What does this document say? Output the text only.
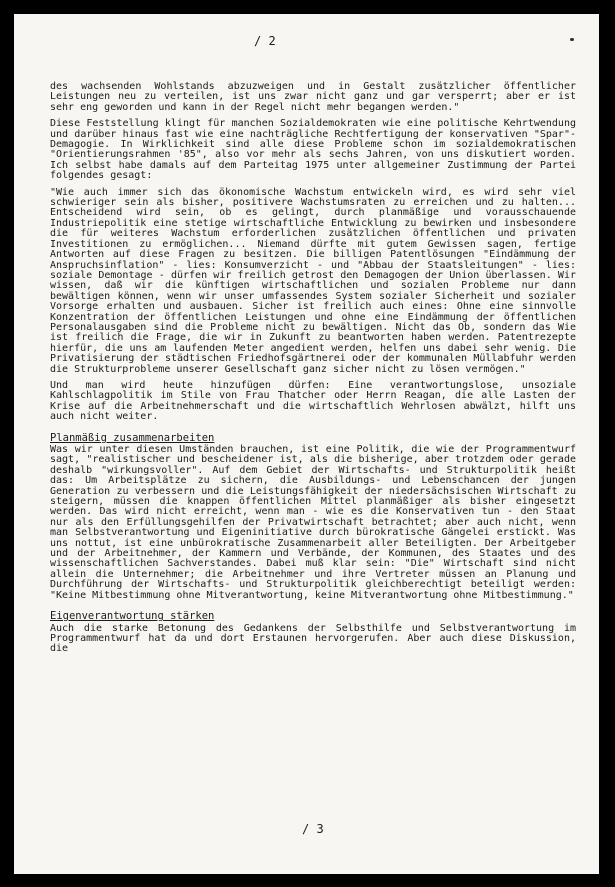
/ 2

des wachsenden Wohlstands abzuzweigen und in Gestalt zusätzlicher öffentlicher Leistungen neu zu verteilen, ist uns zwar nicht ganz und gar versperrt; aber er ist sehr eng geworden und kann in der Regel nicht mehr begangen werden."

Diese Feststellung klingt für manchen Sozialdemokraten wie eine politische Kehrtwendung und darüber hinaus fast wie eine nachträgliche Rechtfertigung der konservativen "Spar"-Demagogie. In Wirklichkeit sind alle diese Probleme schon im sozialdemokratischen "Orientierungsrahmen '85", also vor mehr als sechs Jahren, von uns diskutiert worden. Ich selbst habe damals auf dem Parteitag 1975 unter allgemeiner Zustimmung der Partei folgendes gesagt:

"Wie auch immer sich das ökonomische Wachstum entwickeln wird, es wird sehr viel schwieriger sein als bisher, positivere Wachstumsraten zu erreichen und zu halten... Entscheidend wird sein, ob es gelingt, durch planmäßige und vorausschauende Industriepolitik eine stetige wirtschaftliche Entwicklung zu bewirken und insbesondere die für weiteres Wachstum erforderlichen zusätzlichen öffentlichen und privaten Investitionen zu ermöglichen... Niemand dürfte mit gutem Gewissen sagen, fertige Antworten auf diese Fragen zu besitzen. Die billigen Patentlösungen "Eindämmung der Anspruchsinflation" - lies: Konsumverzicht - und "Abbau der Staatsleitungen" - lies: soziale Demontage - dürfen wir freilich getrost den Demagogen der Union überlassen. Wir wissen, daß wir die künftigen wirtschaftlichen und sozialen Probleme nur dann bewältigen können, wenn wir unser umfassendes System sozialer Sicherheit und sozialer Vorsorge erhalten und ausbauen. Sicher ist freilich auch eines: Ohne eine sinnvolle Konzentration der öffentlichen Leistungen und ohne eine Eindämmung der öffentlichen Personalausgaben sind die Probleme nicht zu bewältigen. Nicht das Ob, sondern das Wie ist freilich die Frage, die wir in Zukunft zu beantworten haben werden. Patentrezepte hierfür, die uns am laufenden Meter angedient werden, helfen uns dabei sehr wenig. Die Privatisierung der städtischen Friedhofsgärtnerei oder der kommunalen Müllabfuhr werden die Strukturprobleme unserer Gesellschaft ganz sicher nicht zu lösen vermögen."

Und man wird heute hinzufügen dürfen: Eine verantwortungslose, unsoziale Kahlschlagpolitik im Stile von Frau Thatcher oder Herrn Reagan, die alle Lasten der Krise auf die Arbeitnehmerschaft und die wirtschaftlich Wehrlosen abwälzt, hilft uns auch nicht weiter.

Planmäßig zusammenarbeiten

Was wir unter diesen Umständen brauchen, ist eine Politik, die wie der Programmentwurf sagt, "realistischer und bescheidener ist, als die bisherige, aber trotzdem oder gerade deshalb "wirkungsvoller". Auf dem Gebiet der Wirtschafts- und Strukturpolitik heißt das: Um Arbeitsplätze zu sichern, die Ausbildungs- und Lebenschancen der jungen Generation zu verbessern und die Leistungsfähigkeit der niedersächsischen Wirtschaft zu steigern, müssen die knappen öffentlichen Mittel planmäßiger als bisher eingesetzt werden. Das wird nicht erreicht, wenn man - wie es die Konservativen tun - den Staat nur als den Erfüllungsgehilfen der Privatwirtschaft betrachtet; aber auch nicht, wenn man Selbstverantwortung und Eigeninitiative durch bürokratische Gängelei erstickt. Was uns nottut, ist eine unbürokratische Zusammenarbeit aller Beteiligten. Der Arbeitgeber und der Arbeitnehmer, der Kammern und Verbände, der Kommunen, des Staates und des wissenschaftlichen Sachverstandes. Dabei muß klar sein: "Die" Wirtschaft sind nicht allein die Unternehmer; die Arbeitnehmer und ihre Vertreter müssen an Planung und Durchführung der Wirtschafts- und Strukturpolitik gleichberechtigt beteiligt werden: "Keine Mitbestimmung ohne Mitverantwortung, keine Mitverantwortung ohne Mitbestimmung."

Eigenverantwortung stärken

Auch die starke Betonung des Gedankens der Selbsthilfe und Selbstverantwortung im Programmentwurf hat da und dort Erstaunen hervorgerufen. Aber auch diese Diskussion, die

/ 3
